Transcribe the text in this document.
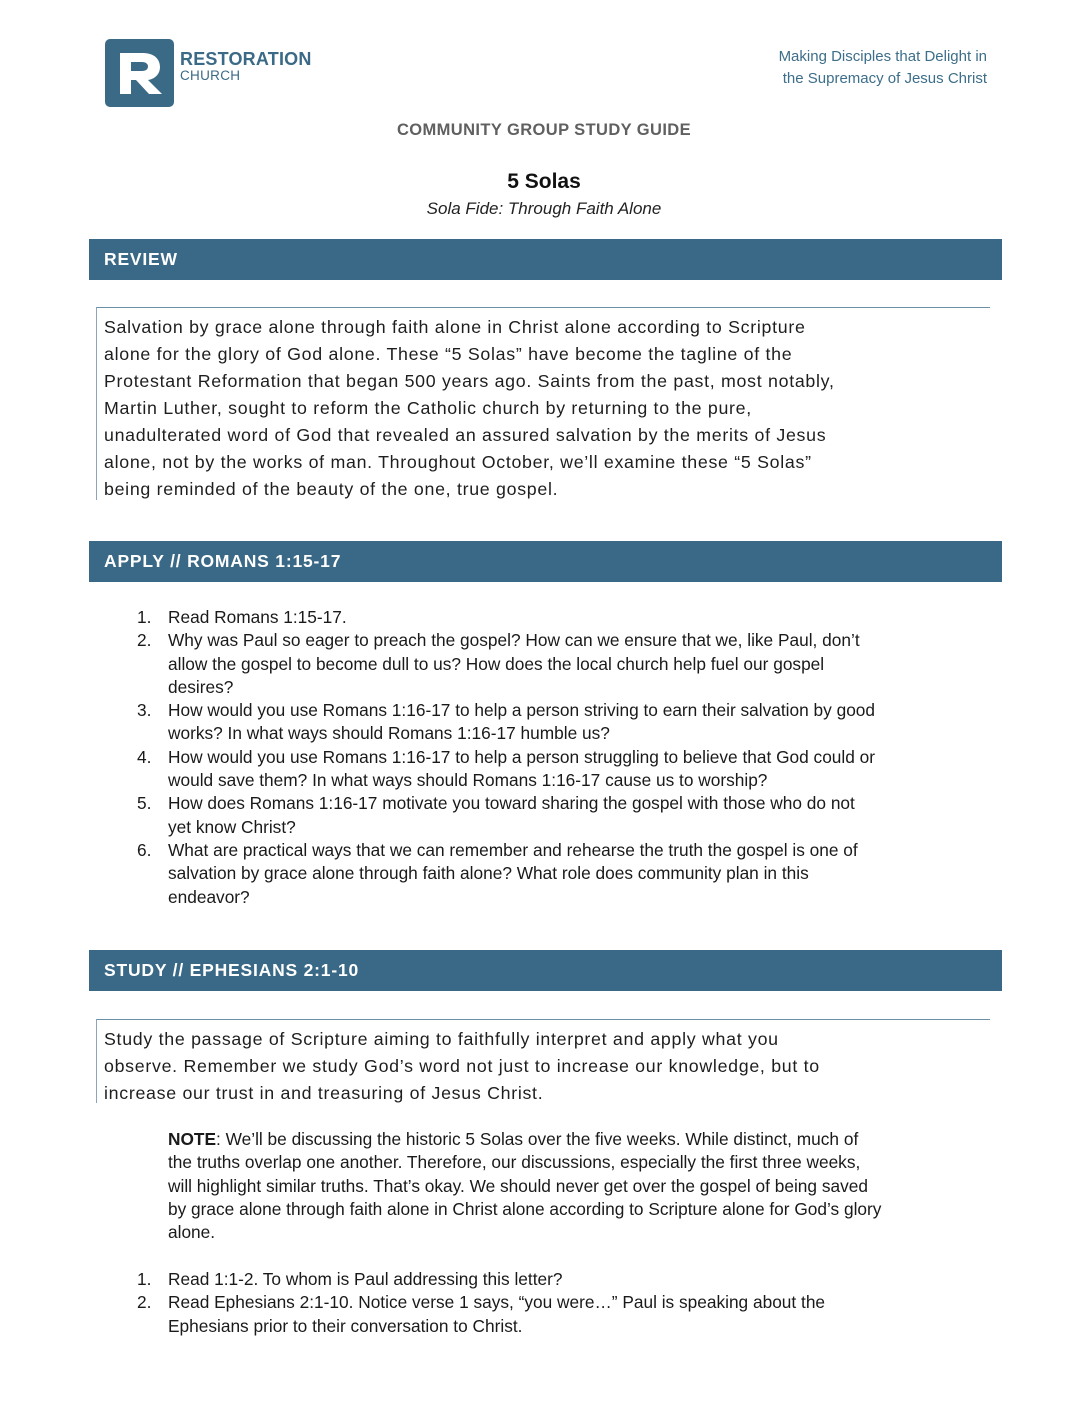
RESTORATION
CHURCH
Making Disciples that Delight in
the Supremacy of Jesus Christ
COMMUNITY GROUP STUDY GUIDE
5 Solas
Sola Fide: Through Faith Alone
REVIEW
Salvation by grace alone through faith alone in Christ alone according to Scripture
alone for the glory of God alone. These “5 Solas” have become the tagline of the
Protestant Reformation that began 500 years ago. Saints from the past, most notably,
Martin Luther, sought to reform the Catholic church by returning to the pure,
unadulterated word of God that revealed an assured salvation by the merits of Jesus
alone, not by the works of man. Throughout October, we’ll examine these “5 Solas”
being reminded of the beauty of the one, true gospel.
APPLY // ROMANS 1:15-17
1. Read Romans 1:15-17.
2. Why was Paul so eager to preach the gospel? How can we ensure that we, like Paul, don’t
allow the gospel to become dull to us? How does the local church help fuel our gospel
desires?
3. How would you use Romans 1:16-17 to help a person striving to earn their salvation by good
works? In what ways should Romans 1:16-17 humble us?
4. How would you use Romans 1:16-17 to help a person struggling to believe that God could or
would save them? In what ways should Romans 1:16-17 cause us to worship?
5. How does Romans 1:16-17 motivate you toward sharing the gospel with those who do not
yet know Christ?
6. What are practical ways that we can remember and rehearse the truth the gospel is one of
salvation by grace alone through faith alone? What role does community plan in this
endeavor?
STUDY // EPHESIANS 2:1-10
Study the passage of Scripture aiming to faithfully interpret and apply what you
observe. Remember we study God’s word not just to increase our knowledge, but to
increase our trust in and treasuring of Jesus Christ.
NOTE: We’ll be discussing the historic 5 Solas over the five weeks. While distinct, much of
the truths overlap one another. Therefore, our discussions, especially the first three weeks,
will highlight similar truths. That’s okay. We should never get over the gospel of being saved
by grace alone through faith alone in Christ alone according to Scripture alone for God’s glory
alone.
1. Read 1:1-2. To whom is Paul addressing this letter?
2. Read Ephesians 2:1-10. Notice verse 1 says, “you were…” Paul is speaking about the
Ephesians prior to their conversation to Christ.
